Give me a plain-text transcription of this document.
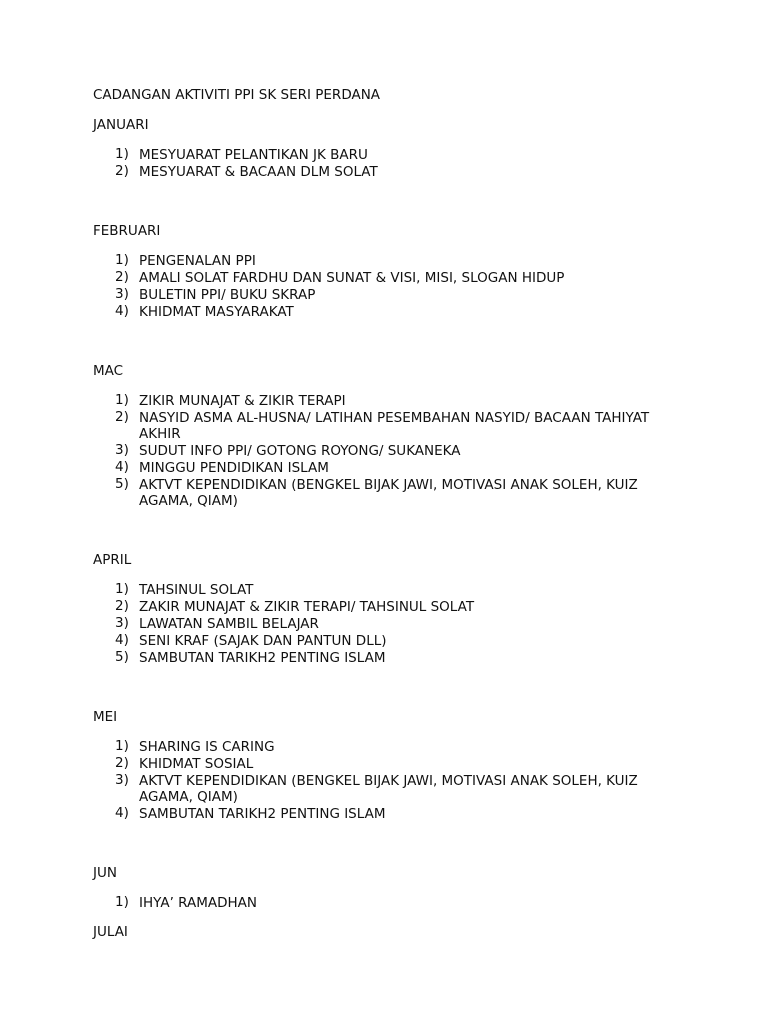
CADANGAN AKTIVITI PPI SK SERI PERDANA
JANUARI
1) MESYUARAT PELANTIKAN JK BARU
2) MESYUARAT & BACAAN DLM SOLAT
FEBRUARI
1) PENGENALAN PPI
2) AMALI SOLAT FARDHU DAN SUNAT & VISI, MISI, SLOGAN HIDUP
3) BULETIN PPI/ BUKU SKRAP
4) KHIDMAT MASYARAKAT
MAC
1) ZIKIR MUNAJAT & ZIKIR TERAPI
2) NASYID ASMA AL-HUSNA/ LATIHAN PESEMBAHAN NASYID/ BACAAN TAHIYAT AKHIR
3) SUDUT INFO PPI/ GOTONG ROYONG/ SUKANEKA
4) MINGGU PENDIDIKAN ISLAM
5) AKTVT KEPENDIDIKAN (BENGKEL BIJAK JAWI, MOTIVASI ANAK SOLEH, KUIZ AGAMA, QIAM)
APRIL
1) TAHSINUL SOLAT
2) ZAKIR MUNAJAT & ZIKIR TERAPI/ TAHSINUL SOLAT
3) LAWATAN SAMBIL BELAJAR
4) SENI KRAF (SAJAK DAN PANTUN DLL)
5) SAMBUTAN TARIKH2 PENTING ISLAM
MEI
1) SHARING IS CARING
2) KHIDMAT SOSIAL
3) AKTVT KEPENDIDIKAN (BENGKEL BIJAK JAWI, MOTIVASI ANAK SOLEH, KUIZ AGAMA, QIAM)
4) SAMBUTAN TARIKH2 PENTING ISLAM
JUN
1) IHYA’ RAMADHAN
JULAI
